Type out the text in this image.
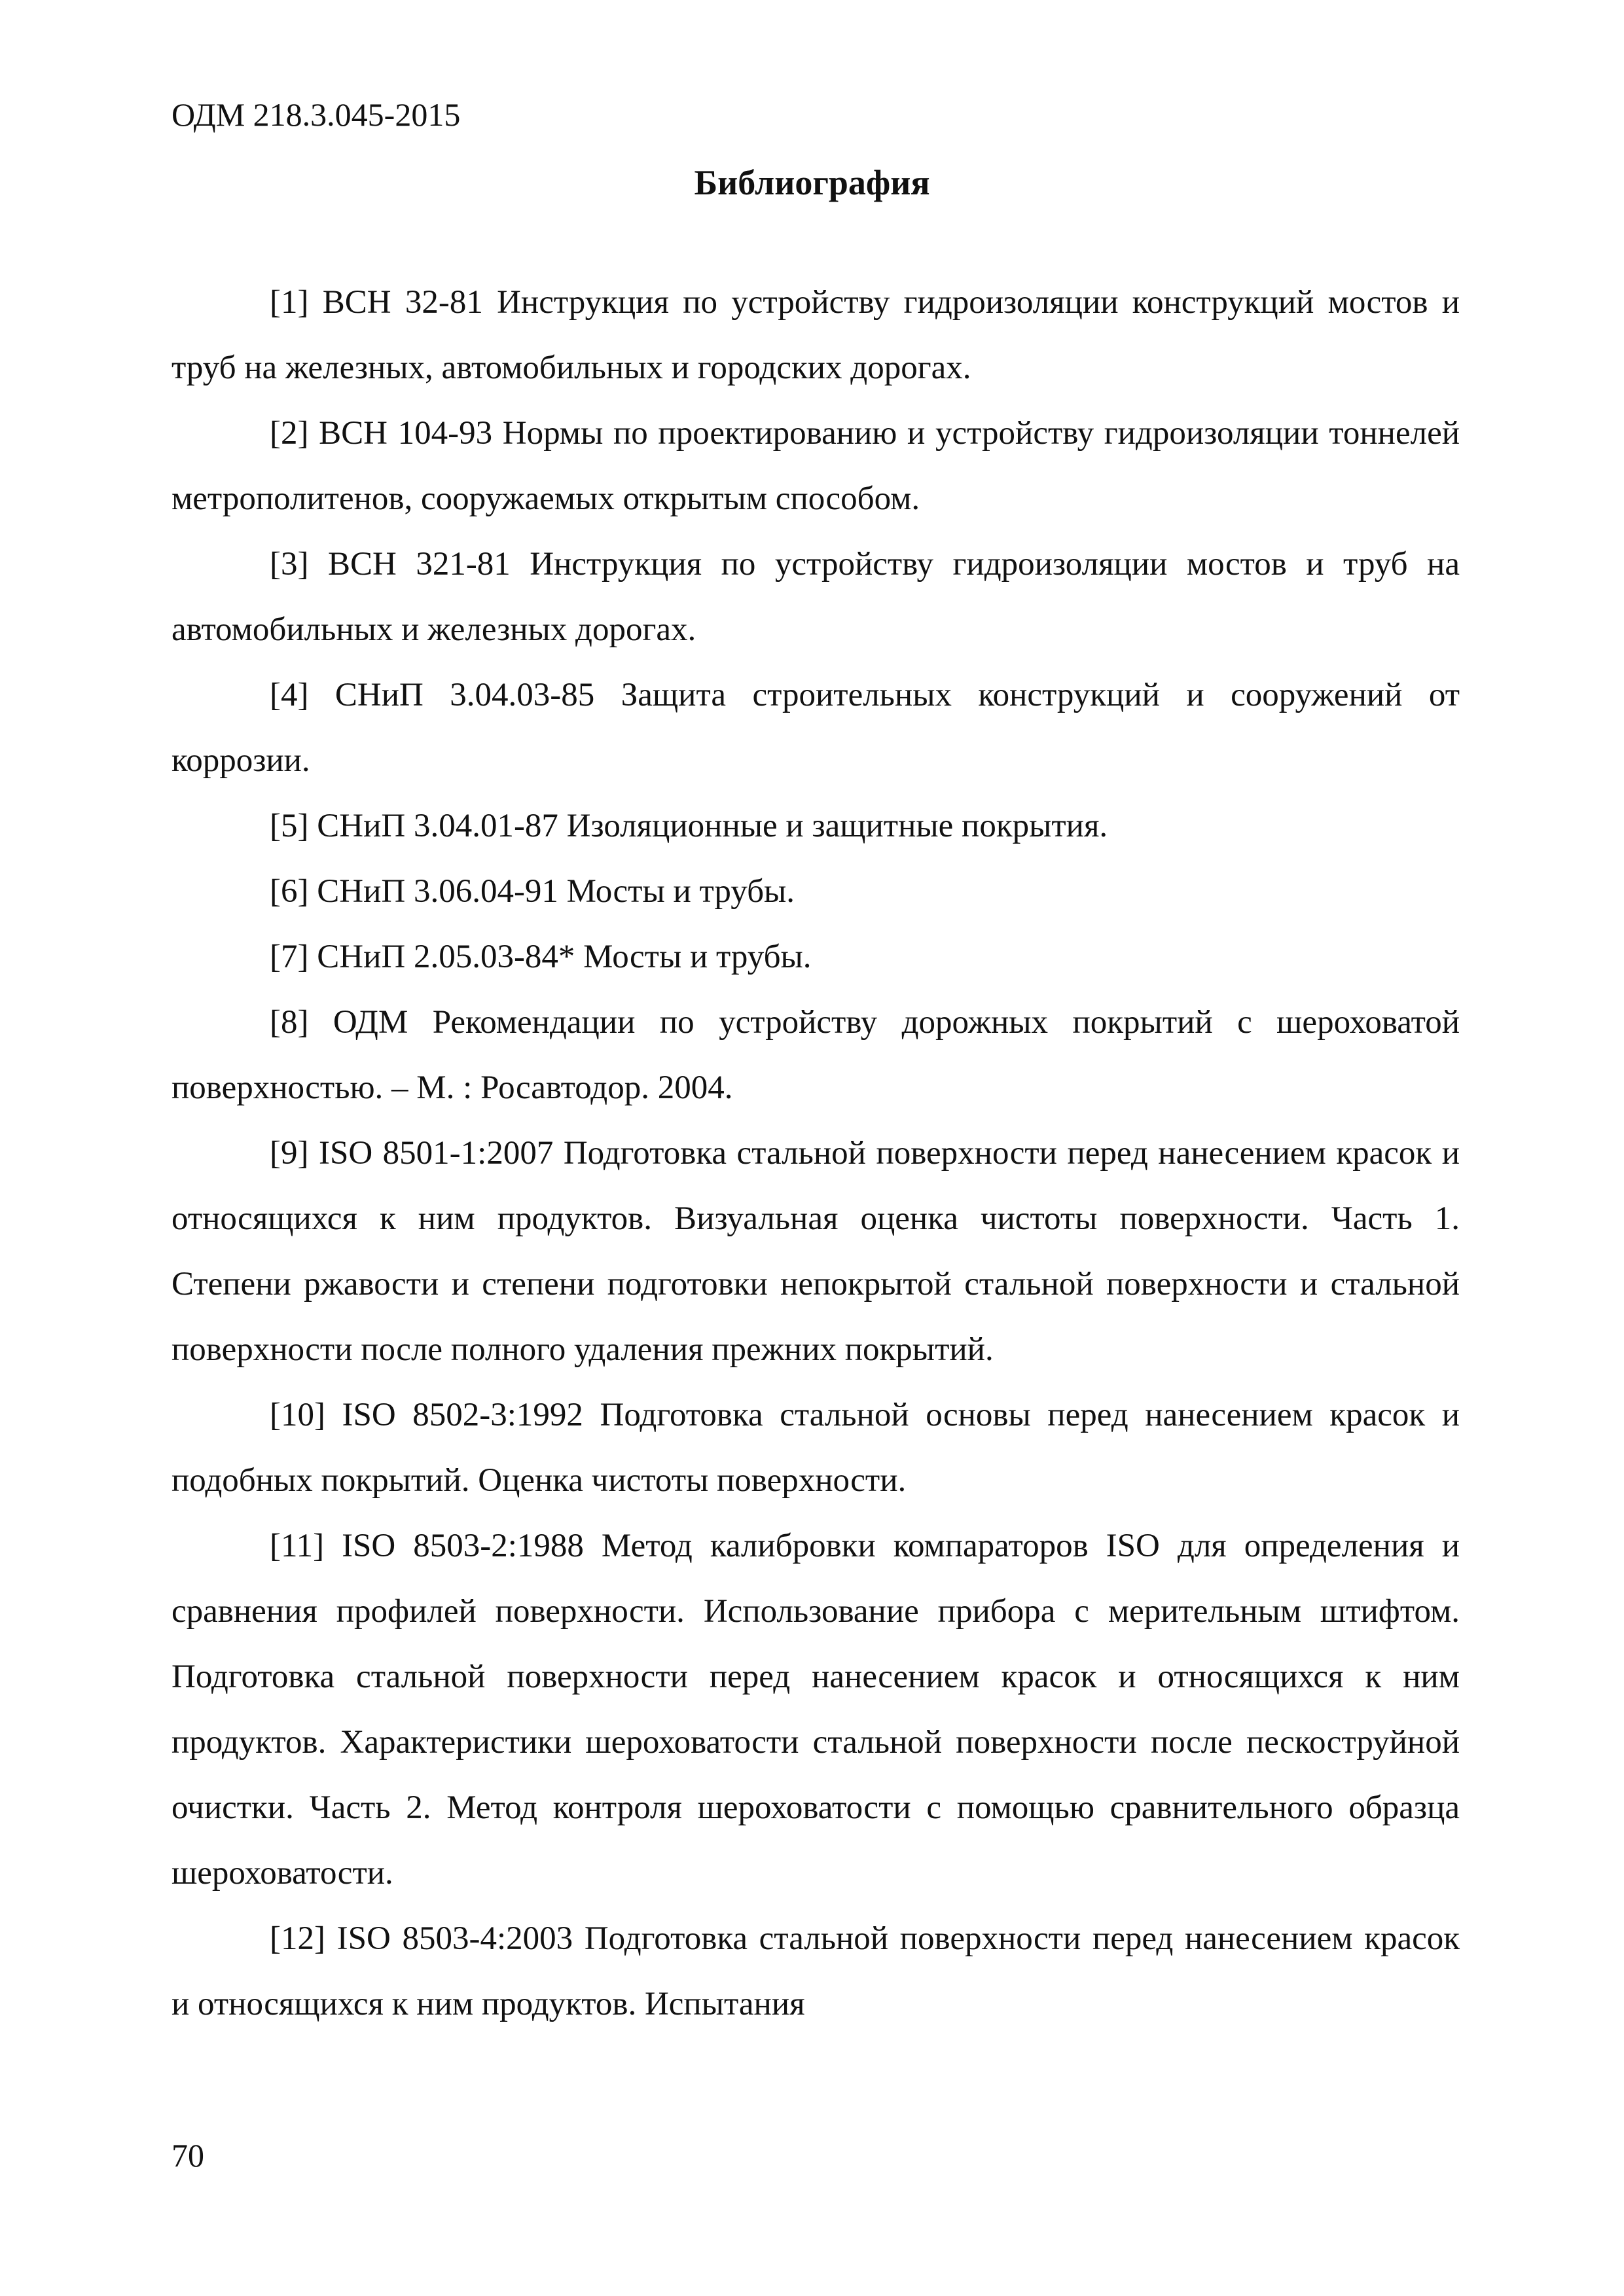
ОДМ 218.3.045-2015
Библиография

[1] ВСН 32-81 Инструкция по устройству гидроизоляции конструкций мостов и труб на железных, автомобильных и городских дорогах.

[2] ВСН 104-93 Нормы по проектированию и устройству гидроизоляции тоннелей метрополитенов, сооружаемых открытым способом.

[3] ВСН 321-81 Инструкция по устройству гидроизоляции мостов и труб на автомобильных и железных дорогах.

[4] СНиП 3.04.03-85 Защита строительных конструкций и сооружений от коррозии.

[5] СНиП 3.04.01-87 Изоляционные и защитные покрытия.

[6] СНиП 3.06.04-91 Мосты и трубы.

[7] СНиП 2.05.03-84* Мосты и трубы.

[8] ОДМ Рекомендации по устройству дорожных покрытий с шероховатой поверхностью. – М. : Росавтодор. 2004.

[9] ISO 8501-1:2007 Подготовка стальной поверхности перед нанесением красок и относящихся к ним продуктов. Визуальная оценка чистоты поверхности. Часть 1. Степени ржавости и степени подготовки непокрытой стальной поверхности и стальной поверхности после полного удаления прежних покрытий.

[10] ISO 8502-3:1992 Подготовка стальной основы перед нанесением красок и подобных покрытий. Оценка чистоты поверхности.

[11] ISO 8503-2:1988 Метод калибровки компараторов ISO для определения и сравнения профилей поверхности. Использование прибора с мерительным штифтом. Подготовка стальной поверхности перед нанесением красок и относящихся к ним продуктов. Характеристики шероховатости стальной поверхности после пескоструйной очистки. Часть 2. Метод контроля шероховатости с помощью сравнительного образца шероховатости.

[12] ISO 8503-4:2003 Подготовка стальной поверхности перед нанесением красок и относящихся к ним продуктов. Испытания

70
